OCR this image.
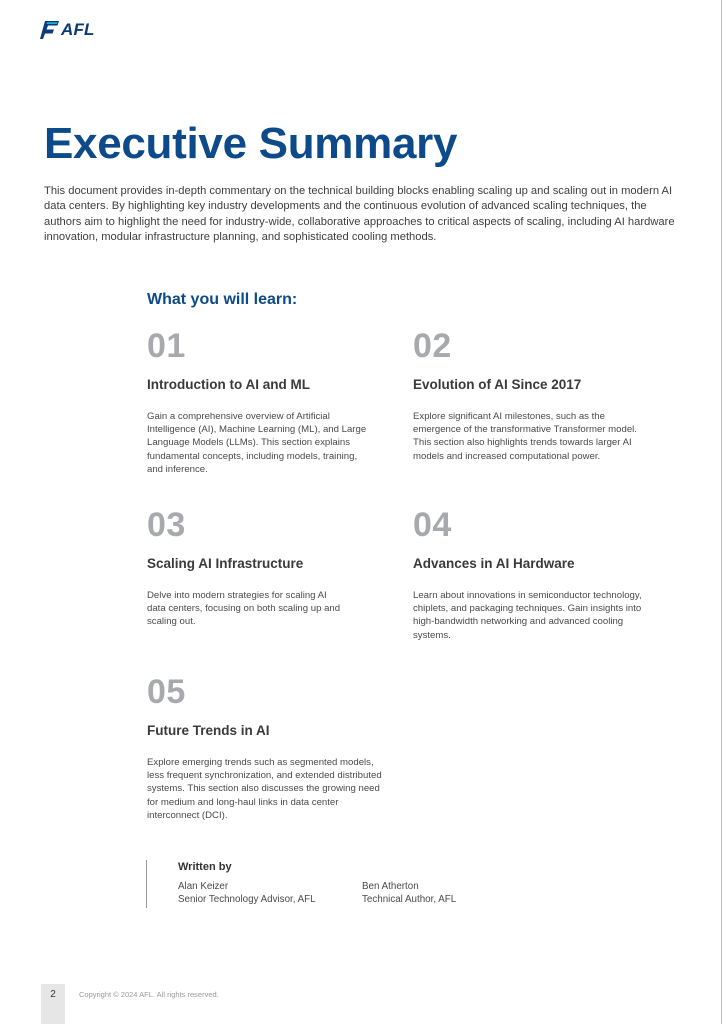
AFL
Executive Summary

This document provides in-depth commentary on the technical building blocks enabling scaling up and scaling out in modern AI data centers. By highlighting key industry developments and the continuous evolution of advanced scaling techniques, the authors aim to highlight the need for industry-wide, collaborative approaches to critical aspects of scaling, including AI hardware innovation, modular infrastructure planning, and sophisticated cooling methods.

What you will learn:
01
Introduction to AI and ML
Gain a comprehensive overview of Artificial Intelligence (AI), Machine Learning (ML), and Large Language Models (LLMs). This section explains fundamental concepts, including models, training, and inference.
02
Evolution of AI Since 2017
Explore significant AI milestones, such as the emergence of the transformative Transformer model. This section also highlights trends towards larger AI models and increased computational power.
03
Scaling AI Infrastructure
Delve into modern strategies for scaling AI data centers, focusing on both scaling up and scaling out.
04
Advances in AI Hardware
Learn about innovations in semiconductor technology, chiplets, and packaging techniques. Gain insights into high-bandwidth networking and advanced cooling systems.
05
Future Trends in AI
Explore emerging trends such as segmented models, less frequent synchronization, and extended distributed systems. This section also discusses the growing need for medium and long-haul links in data center interconnect (DCI).
Written by
Alan Keizer
Senior Technology Advisor, AFL
Ben Atherton
Technical Author, AFL
2	Copyright © 2024 AFL. All rights reserved.
